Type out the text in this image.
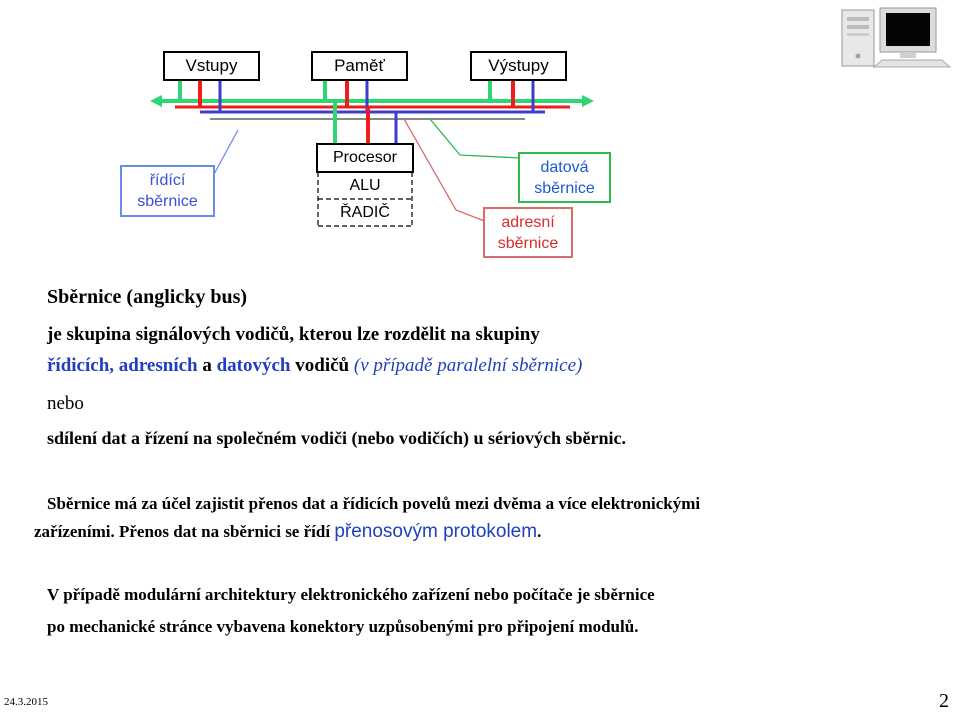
Vstupy	Paměť	Výstupy
Procesor
ALU
ŘADIČ
řídící
sběrnice
datová
sběrnice
adresní
sběrnice
Sběrnice (anglicky bus)
je skupina signálových vodičů, kterou lze rozdělit na skupiny
řídicích, adresních a datových vodičů (v případě paralelní sběrnice)
nebo
sdílení dat a řízení na společném vodiči (nebo vodičích) u sériových sběrnic.
Sběrnice má za účel zajistit přenos dat a řídicích povelů mezi dvěma a více elektronickými
zařízeními. Přenos dat na sběrnici se řídí přenosovým protokolem.
V případě modulární architektury elektronického zařízení nebo počítače je sběrnice
po mechanické stránce vybavena konektory uzpůsobenými pro připojení modulů.
24.3.2015	2
